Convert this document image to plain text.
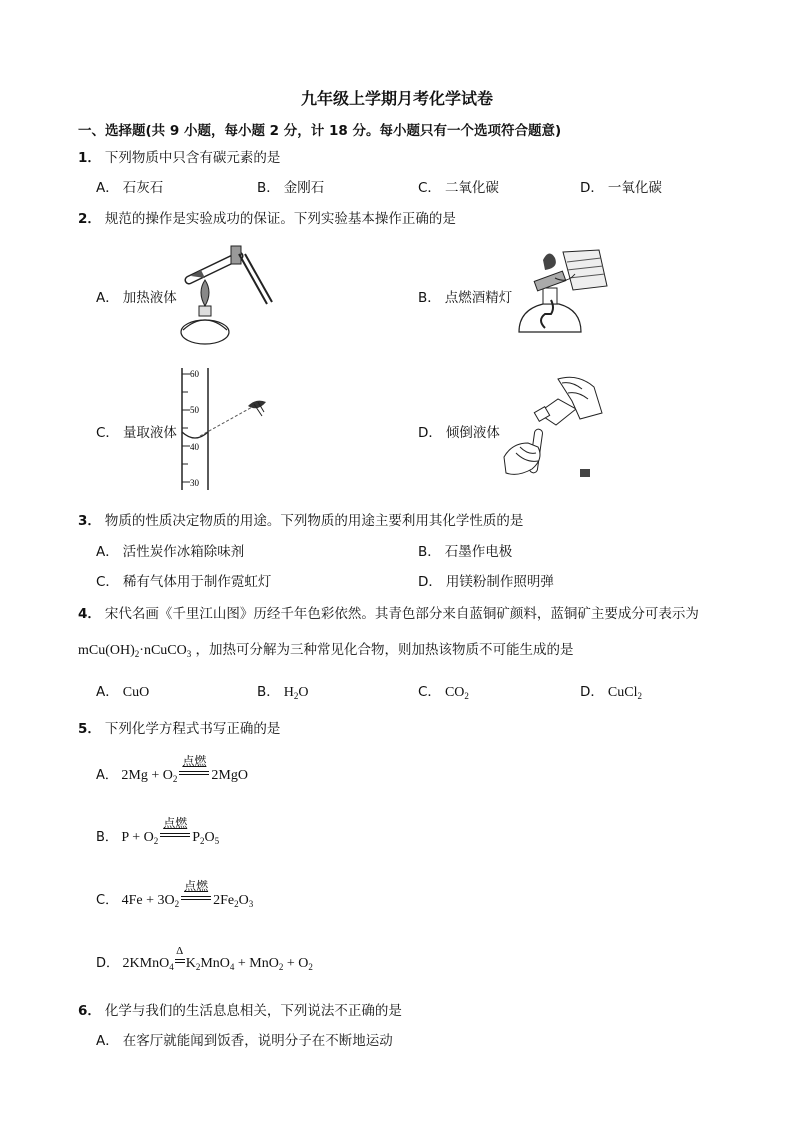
九年级上学期月考化学试卷
一、选择题(共 9 小题，每小题 2 分，计 18 分。每小题只有一个选项符合题意)
1． 下列物质中只含有碳元素的是
A． 石灰石	B． 金刚石	C． 二氧化碳	D． 一氧化碳
2． 规范的操作是实验成功的保证。下列实验基本操作正确的是
A． 加热液体	B． 点燃酒精灯
C． 量取液体	D． 倾倒液体
60
50
40
30
3． 物质的性质决定物质的用途。下列物质的用途主要利用其化学性质的是
A． 活性炭作冰箱除味剂	B． 石墨作电极
C． 稀有气体用于制作霓虹灯	D． 用镁粉制作照明弹
4． 宋代名画《千里江山图》历经千年色彩依然。其青色部分来自蓝铜矿颜料，蓝铜矿主要成分可表示为
$mCu(OH)_2\cdot nCuCO_3$ ，加热可分解为三种常见化合物，则加热该物质不可能生成的是
A． CuO	B． $H_2O$	C． $CO_2$	D． CuCl$_2$
5． 下列化学方程式书写正确的是
A． $2Mg + O_2$
点燃
2MgO
B． $P + O_2$
点燃
$P_2O_5$
C． $4Fe + 3O_2$
点燃
$2Fe_2O_3$
D． 2KMnO$_4$
Δ
$K_2MnO_4 + MnO_2 + O_2$
6． 化学与我们的生活息息相关，下列说法不正确的是
A． 在客厅就能闻到饭香，说明分子在不断地运动
